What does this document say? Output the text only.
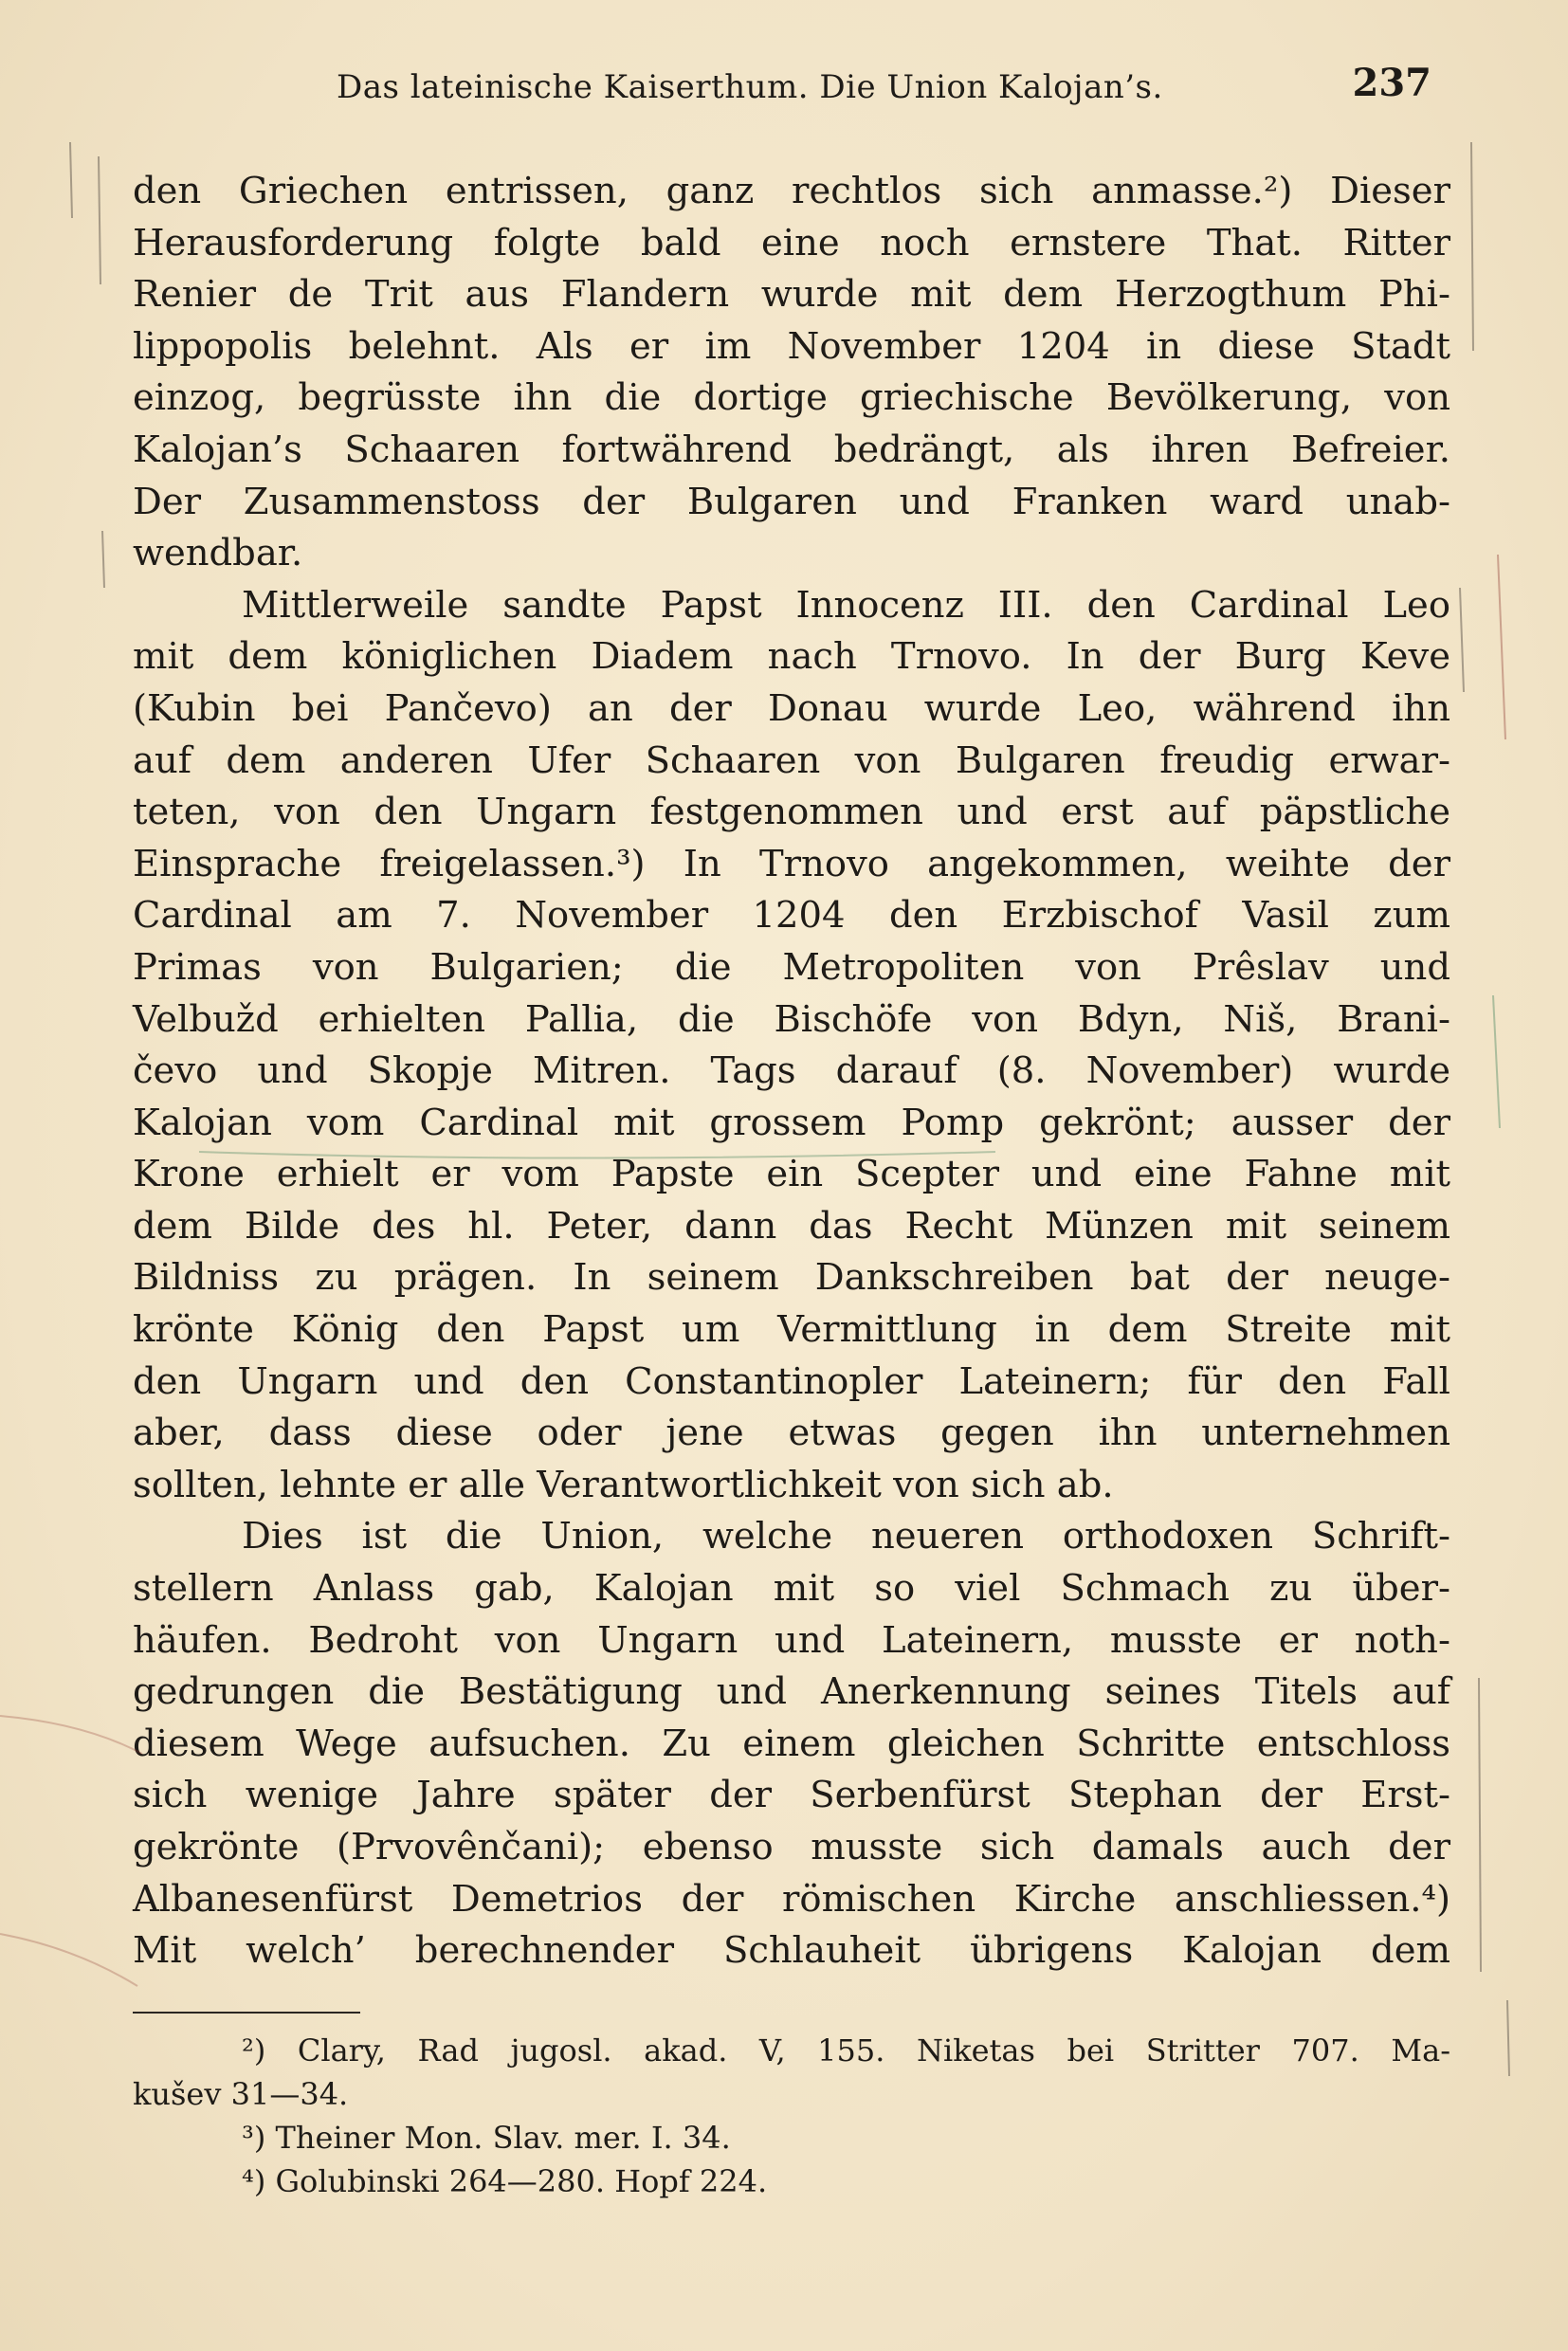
Das lateinische Kaiserthum. Die Union Kalojan’s.	237
den Griechen entrissen, ganz rechtlos sich anmasse.²) Dieser
Herausforderung folgte bald eine noch ernstere That. Ritter
Renier de Trit aus Flandern wurde mit dem Herzogthum Phi-
lippopolis belehnt. Als er im November 1204 in diese Stadt
einzog, begrüsste ihn die dortige griechische Bevölkerung, von
Kalojan’s Schaaren fortwährend bedrängt, als ihren Befreier.
Der Zusammenstoss der Bulgaren und Franken ward unab-
wendbar.
Mittlerweile sandte Papst Innocenz III. den Cardinal Leo
mit dem königlichen Diadem nach Trnovo. In der Burg Keve
(Kubin bei Pančevo) an der Donau wurde Leo, während ihn
auf dem anderen Ufer Schaaren von Bulgaren freudig erwar-
teten, von den Ungarn festgenommen und erst auf päpstliche
Einsprache freigelassen.³) In Trnovo angekommen, weihte der
Cardinal am 7. November 1204 den Erzbischof Vasil zum
Primas von Bulgarien; die Metropoliten von Prêslav und
Velbužd erhielten Pallia, die Bischöfe von Bdyn, Niš, Brani-
čevo und Skopje Mitren. Tags darauf (8. November) wurde
Kalojan vom Cardinal mit grossem Pomp gekrönt; ausser der
Krone erhielt er vom Papste ein Scepter und eine Fahne mit
dem Bilde des hl. Peter, dann das Recht Münzen mit seinem
Bildniss zu prägen. In seinem Dankschreiben bat der neuge-
krönte König den Papst um Vermittlung in dem Streite mit
den Ungarn und den Constantinopler Lateinern; für den Fall
aber, dass diese oder jene etwas gegen ihn unternehmen
sollten, lehnte er alle Verantwortlichkeit von sich ab.
Dies ist die Union, welche neueren orthodoxen Schrift-
stellern Anlass gab, Kalojan mit so viel Schmach zu über-
häufen. Bedroht von Ungarn und Lateinern, musste er noth-
gedrungen die Bestätigung und Anerkennung seines Titels auf
diesem Wege aufsuchen. Zu einem gleichen Schritte entschloss
sich wenige Jahre später der Serbenfürst Stephan der Erst-
gekrönte (Prvovênčani); ebenso musste sich damals auch der
Albanesenfürst Demetrios der römischen Kirche anschliessen.⁴)
Mit welch’ berechnender Schlauheit übrigens Kalojan dem
²) Clary, Rad jugosl. akad. V, 155. Niketas bei Stritter 707. Ma-
kušev 31—34.
³) Theiner Mon. Slav. mer. I. 34.
⁴) Golubinski 264—280. Hopf 224.
